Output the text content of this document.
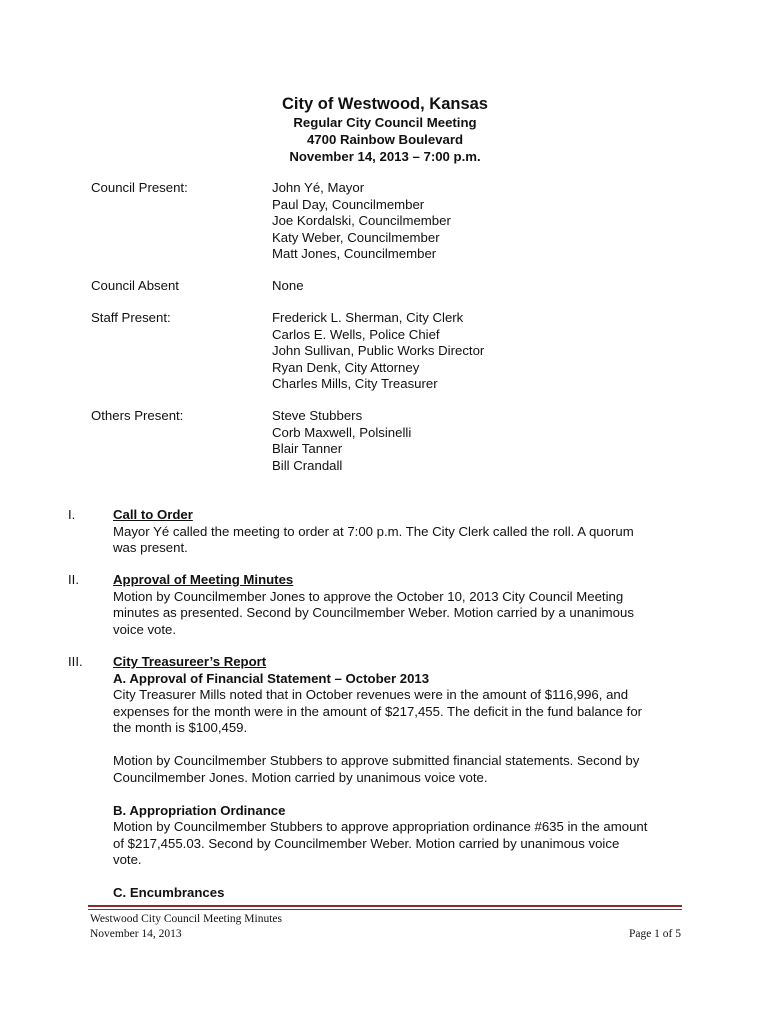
City of Westwood, Kansas
Regular City Council Meeting
4700 Rainbow Boulevard
November 14, 2013 – 7:00 p.m.
Council Present:	John Yé, Mayor
Paul Day, Councilmember
Joe Kordalski, Councilmember
Katy Weber, Councilmember
Matt Jones, Councilmember
Council Absent	None
Staff Present:	Frederick L. Sherman, City Clerk
Carlos E. Wells, Police Chief
John Sullivan, Public Works Director
Ryan Denk, City Attorney
Charles Mills, City Treasurer
Others Present:	Steve Stubbers
Corb Maxwell, Polsinelli
Blair Tanner
Bill Crandall
I.	Call to Order
Mayor Yé called the meeting to order at 7:00 p.m. The City Clerk called the roll. A quorum
was present.
II.	Approval of Meeting Minutes
Motion by Councilmember Jones to approve the October 10, 2013 City Council Meeting
minutes as presented. Second by Councilmember Weber. Motion carried by a unanimous
voice vote.
III. City Treasureer’s Report
A. Approval of Financial Statement – October 2013
City Treasurer Mills noted that in October revenues were in the amount of $116,996, and
expenses for the month were in the amount of $217,455. The deficit in the fund balance for
the month is $100,459.
Motion by Councilmember Stubbers to approve submitted financial statements. Second by
Councilmember Jones. Motion carried by unanimous voice vote.
B. Appropriation Ordinance
Motion by Councilmember Stubbers to approve appropriation ordinance #635 in the amount
of $217,455.03. Second by Councilmember Weber. Motion carried by unanimous voice
vote.
C. Encumbrances
Westwood City Council Meeting Minutes
November 14, 2013	Page 1 of 5
